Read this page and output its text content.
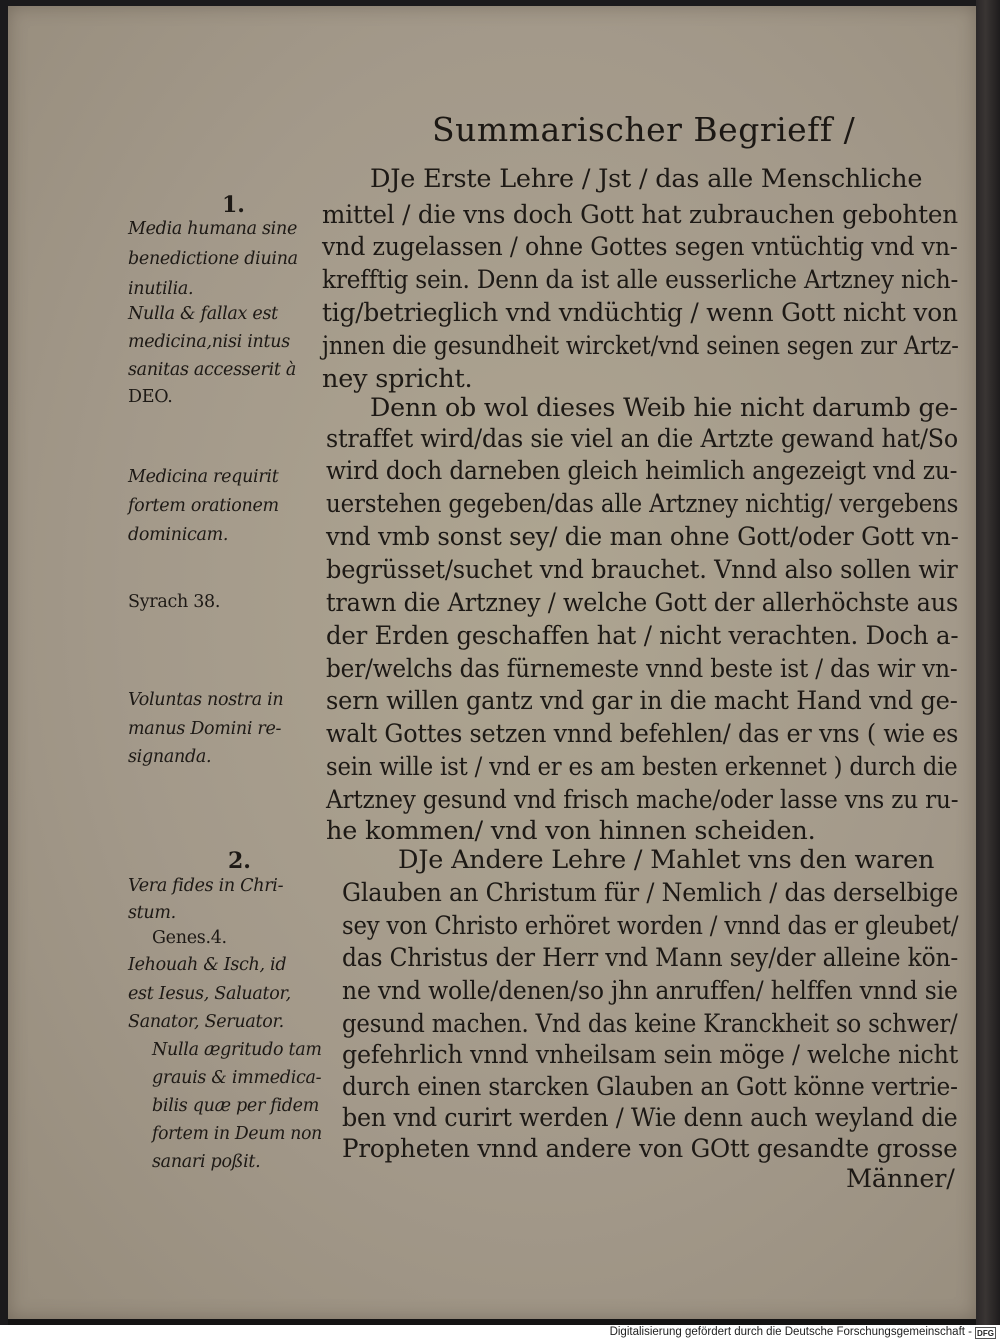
Summarischer Begrieff /
DJe Erste Lehre / Jst / das alle Menschliche
mittel / die vns doch Gott hat zubrauchen gebohten
vnd zugelassen / ohne Gottes segen vntüchtig vnd vn-
krefftig sein. Denn da ist alle eusserliche Artzney nich-
tig/betrieglich vnd vndüchtig / wenn Gott nicht von
jnnen die gesundheit wircket/vnd seinen segen zur Artz-
ney spricht.
Denn ob wol dieses Weib hie nicht darumb ge-
straffet wird/das sie viel an die Artzte gewand hat/So
wird doch darneben gleich heimlich angezeigt vnd zu-
uerstehen gegeben/das alle Artzney nichtig/ vergebens
vnd vmb sonst sey/ die man ohne Gott/oder Gott vn-
begrüsset/suchet vnd brauchet. Vnnd also sollen wir
trawn die Artzney / welche Gott der allerhöchste aus
der Erden geschaffen hat / nicht verachten. Doch a-
ber/welchs das fürnemeste vnnd beste ist / das wir vn-
sern willen gantz vnd gar in die macht Hand vnd ge-
walt Gottes setzen vnnd befehlen/ das er vns ( wie es
sein wille ist / vnd er es am besten erkennet ) durch die
Artzney gesund vnd frisch mache/oder lasse vns zu ru-
he kommen/ vnd von hinnen scheiden.
DJe Andere Lehre / Mahlet vns den waren
Glauben an Christum für / Nemlich / das derselbige
sey von Christo erhöret worden / vnnd das er gleubet/
das Christus der Herr vnd Mann sey/der alleine kön-
ne vnd wolle/denen/so jhn anruffen/ helffen vnnd sie
gesund machen. Vnd das keine Kranckheit so schwer/
gefehrlich vnnd vnheilsam sein möge / welche nicht
durch einen starcken Glauben an Gott könne vertrie-
ben vnd curirt werden / Wie denn auch weyland die
Propheten vnnd andere von GOtt gesandte grosse
Männer/
1.
Media humana sine
benedictione diuina
inutilia.
Nulla & fallax est
medicina,nisi intus
sanitas accesserit à
DEO.
Medicina requirit
fortem orationem
dominicam.
Syrach 38.
Voluntas nostra in
manus Domini re-
signanda.
2.
Vera fides in Chri-
stum.
Genes.4.
Iehouah & Isch, id
est Iesus, Saluator,
Sanator, Seruator.
Nulla ægritudo tam
grauis & immedica-
bilis quæ per fidem
fortem in Deum non
sanari poßit.
Digitalisierung gefördert durch die Deutsche Forschungsgemeinschaft - DFG
